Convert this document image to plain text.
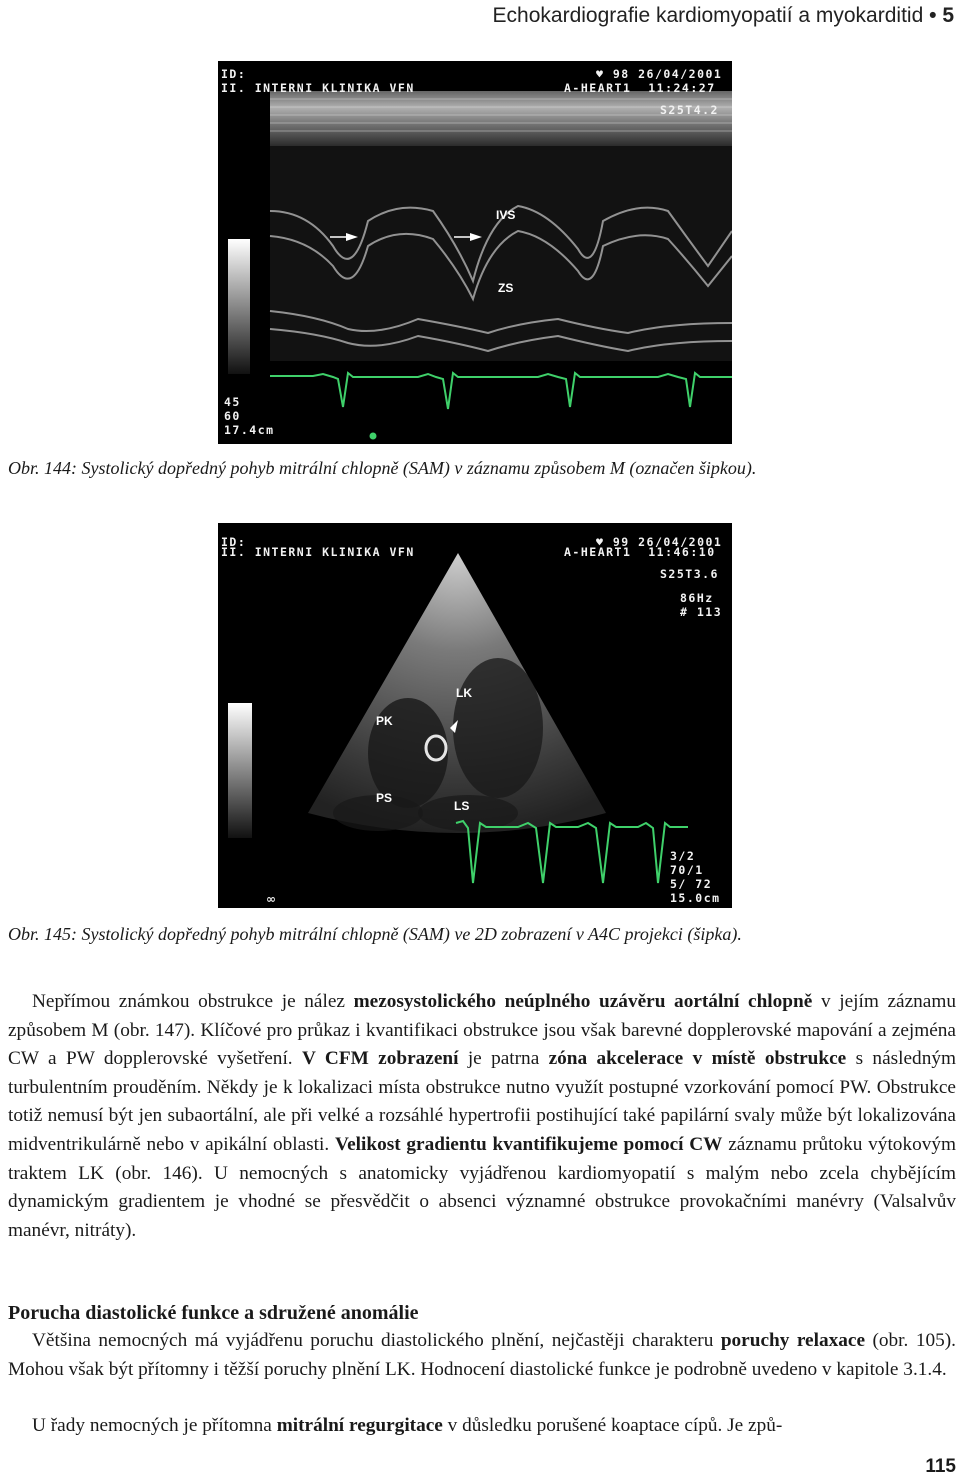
Echokardiografie kardiomyopatií a myokarditid • 5
ID:
II. INTERNI KLINIKA VFN
♥ 98 26/04/2001
A-HEART1  11:24:27
S25T4.2
45
60
17.4cm
IVS
ZS
Obr. 144: Systolický dopředný pohyb mitrální chlopně (SAM) v záznamu způsobem M (označen šipkou).
∞
ID:
II. INTERNI KLINIKA VFN
♥ 99 26/04/2001
A-HEART1  11:46:10
S25T3.6
86Hz
# 113
3/2
70/1
5/ 72
15.0cm
PK
LK
PS
LS
Obr. 145: Systolický dopředný pohyb mitrální chlopně (SAM) ve 2D zobrazení v A4C projekci (šipka).
Nepřímou známkou obstrukce je nález mezosystolického neúplného uzávěru aortální chlopně v jejím záznamu způsobem M (obr. 147). Klíčové pro průkaz i kvantifikaci obstrukce jsou však barevné dopplerovské mapování a zejména CW a PW dopplerovské vyšetření. V CFM zobrazení je patrna zóna akcelerace v místě obstrukce s následným turbulentním prouděním. Někdy je k lokalizaci místa obstrukce nutno využít postupné vzorkování pomocí PW. Obstrukce totiž nemusí být jen subaortální, ale při velké a rozsáhlé hypertrofii postihující také papilární svaly může být lokalizována midventrikulárně nebo v apikální oblasti. Velikost gradientu kvantifikujeme pomocí CW záznamu průtoku výtokovým traktem LK (obr. 146). U nemocných s anatomicky vyjádřenou kardiomyopatií s malým nebo zcela chybějícím dynamickým gradientem je vhodné se přesvědčit o absenci významné obstrukce provokačními manévry (Valsalvův manévr, nitráty).
Porucha diastolické funkce a sdružené anomálie
Většina nemocných má vyjádřenu poruchu diastolického plnění, nejčastěji charakteru poruchy relaxace (obr. 105). Mohou však být přítomny i těžší poruchy plnění LK. Hodnocení diastolické funkce je podrobně uvedeno v kapitole 3.1.4.
U řady nemocných je přítomna mitrální regurgitace v důsledku porušené koaptace cípů. Je způ-
115
